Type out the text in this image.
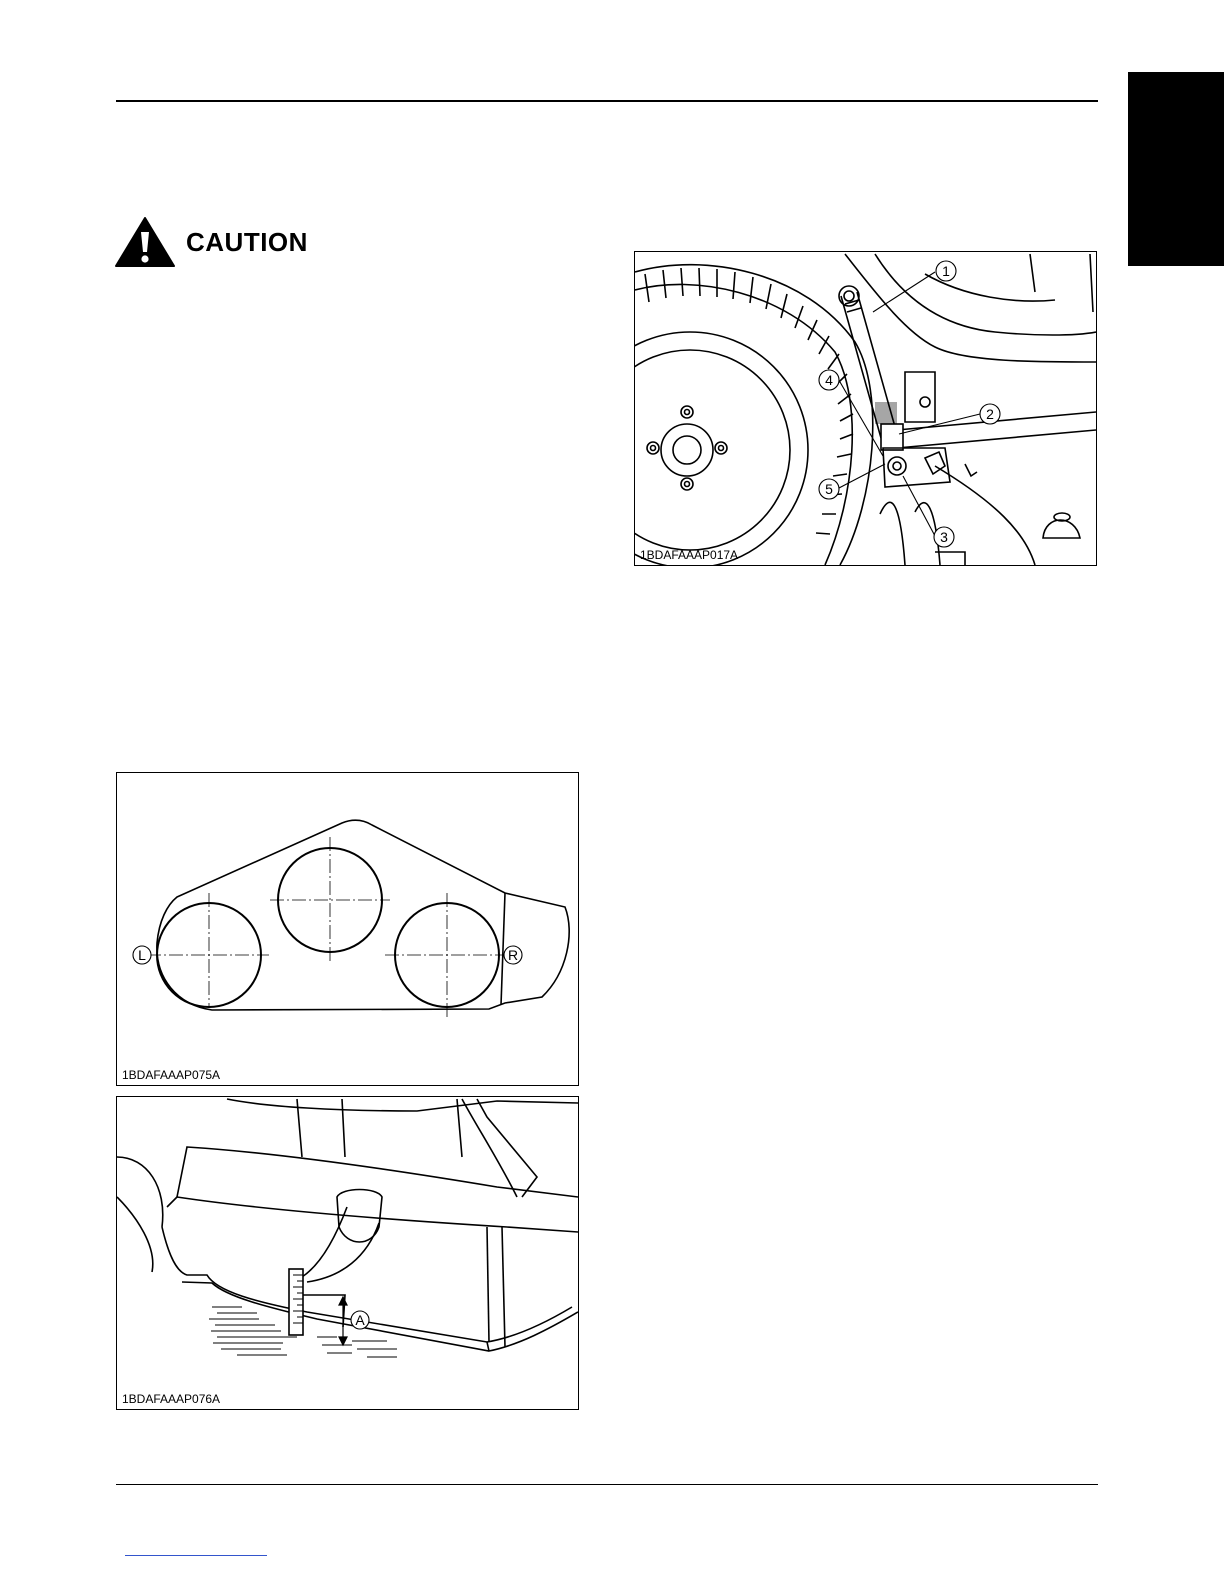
CAUTION
1
2
3
4
5
1BDAFAAAP017A
L	R
1BDAFAAAP075A
A
1BDAFAAAP076A
